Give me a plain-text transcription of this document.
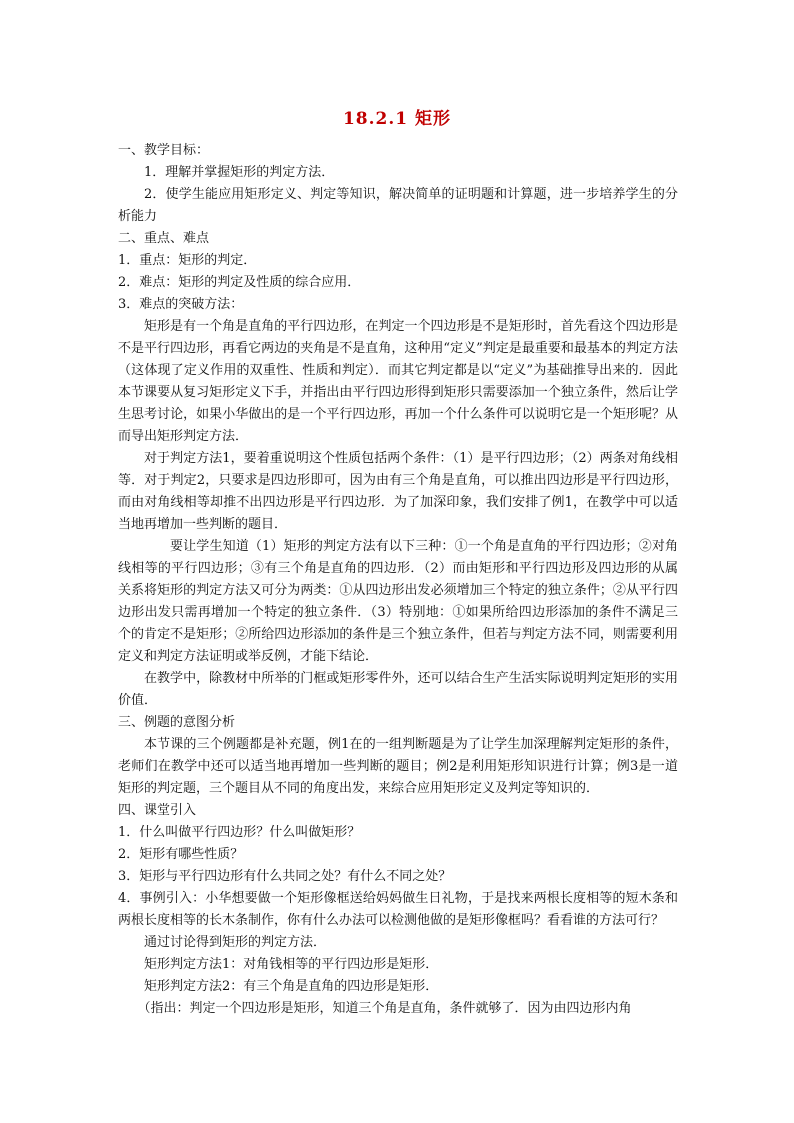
18.2.1 矩形

一、教学目标：

1．理解并掌握矩形的判定方法．

2．使学生能应用矩形定义、判定等知识，解决简单的证明题和计算题，进一步培养学生的分析能力

二、重点、难点

1．重点：矩形的判定．

2．难点：矩形的判定及性质的综合应用．

3．难点的突破方法：

矩形是有一个角是直角的平行四边形，在判定一个四边形是不是矩形时，首先看这个四边形是不是平行四边形，再看它两边的夹角是不是直角，这种用“定义”判定是最重要和最基本的判定方法（这体现了定义作用的双重性、性质和判定）．而其它判定都是以“定义”为基础推导出来的．因此本节课要从复习矩形定义下手，并指出由平行四边形得到矩形只需要添加一个独立条件，然后让学生思考讨论，如果小华做出的是一个平行四边形，再加一个什么条件可以说明它是一个矩形呢？从而导出矩形判定方法．

对于判定方法1，要着重说明这个性质包括两个条件：（1）是平行四边形；（2）两条对角线相等．对于判定2，只要求是四边形即可，因为由有三个角是直角，可以推出四边形是平行四边形，而由对角线相等却推不出四边形是平行四边形．为了加深印象，我们安排了例1，在教学中可以适当地再增加一些判断的题目．

要让学生知道（1）矩形的判定方法有以下三种：①一个角是直角的平行四边形；②对角线相等的平行四边形；③有三个角是直角的四边形．（2）而由矩形和平行四边形及四边形的从属关系将矩形的判定方法又可分为两类：①从四边形出发必须增加三个特定的独立条件；②从平行四边形出发只需再增加一个特定的独立条件．（3）特别地：①如果所给四边形添加的条件不满足三个的肯定不是矩形；②所给四边形添加的条件是三个独立条件，但若与判定方法不同，则需要利用定义和判定方法证明或举反例，才能下结论．

在教学中，除教材中所举的门框或矩形零件外，还可以结合生产生活实际说明判定矩形的实用价值．

三、例题的意图分析

本节课的三个例题都是补充题，例1在的一组判断题是为了让学生加深理解判定矩形的条件，老师们在教学中还可以适当地再增加一些判断的题目；例2是利用矩形知识进行计算；例3是一道矩形的判定题，三个题目从不同的角度出发，来综合应用矩形定义及判定等知识的．

四、课堂引入

1．什么叫做平行四边形？什么叫做矩形？

2．矩形有哪些性质？

3．矩形与平行四边形有什么共同之处？有什么不同之处？

4．事例引入：小华想要做一个矩形像框送给妈妈做生日礼物，于是找来两根长度相等的短木条和两根长度相等的长木条制作，你有什么办法可以检测他做的是矩形像框吗？看看谁的方法可行？

通过讨论得到矩形的判定方法．

矩形判定方法1：对角钱相等的平行四边形是矩形．

矩形判定方法2：有三个角是直角的四边形是矩形．

（指出：判定一个四边形是矩形，知道三个角是直角，条件就够了．因为由四边形内角
